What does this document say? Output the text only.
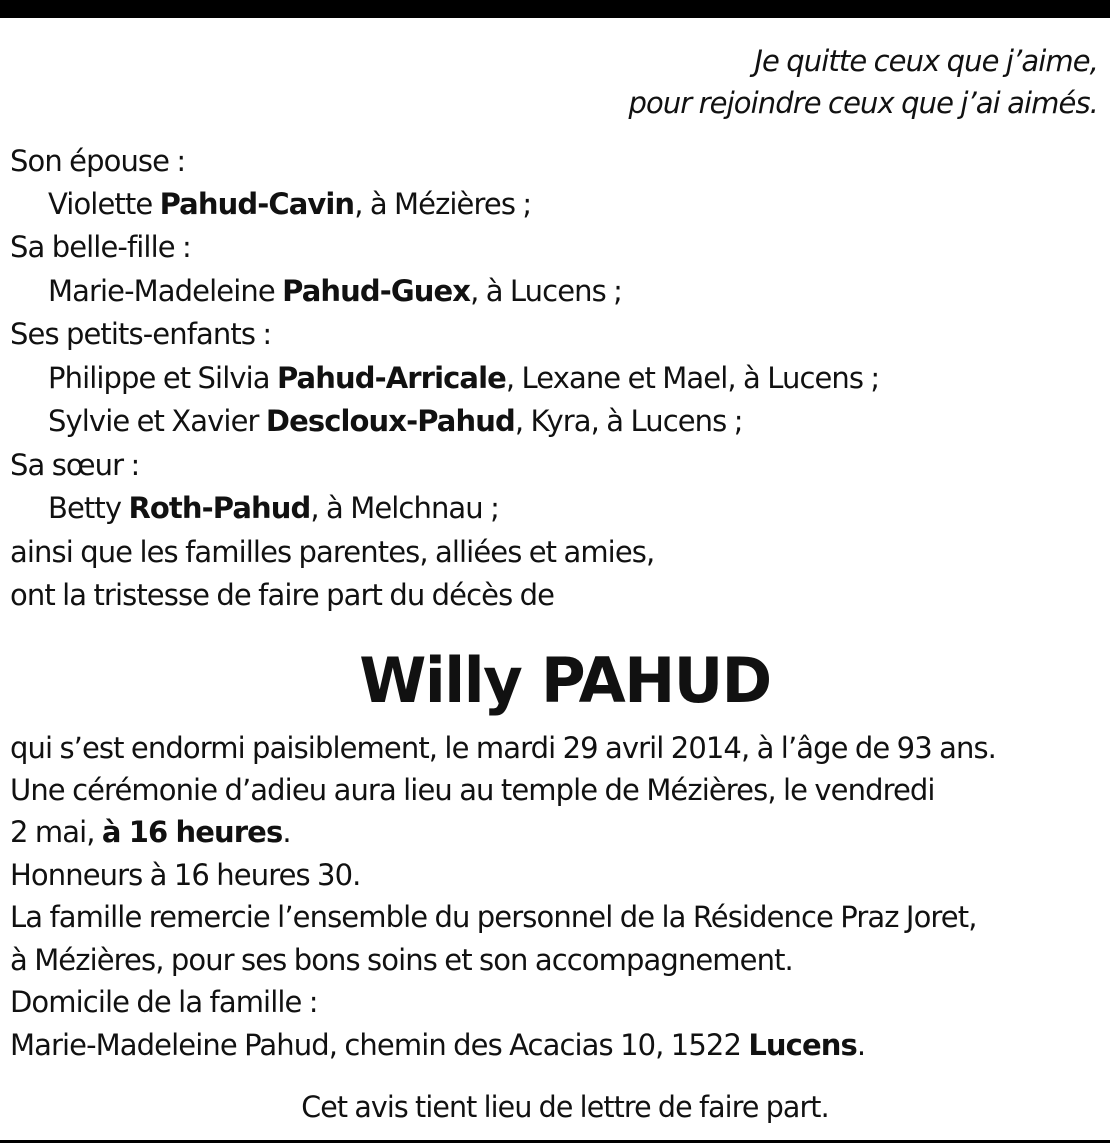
Je quitte ceux que j’aime,
pour rejoindre ceux que j’ai aimés.
Son épouse :
Violette Pahud-Cavin, à Mézières ;
Sa belle-fille :
Marie-Madeleine Pahud-Guex, à Lucens ;
Ses petits-enfants :
Philippe et Silvia Pahud-Arricale, Lexane et Mael, à Lucens ;
Sylvie et Xavier Descloux-Pahud, Kyra, à Lucens ;
Sa sœur :
Betty Roth-Pahud, à Melchnau ;
ainsi que les familles parentes, alliées et amies,
ont la tristesse de faire part du décès de
Willy PAHUD
qui s’est endormi paisiblement, le mardi 29 avril 2014, à l’âge de 93 ans.
Une cérémonie d’adieu aura lieu au temple de Mézières, le vendredi
2 mai, à 16 heures.
Honneurs à 16 heures 30.
La famille remercie l’ensemble du personnel de la Résidence Praz Joret,
à Mézières, pour ses bons soins et son accompagnement.
Domicile de la famille :
Marie-Madeleine Pahud, chemin des Acacias 10, 1522 Lucens.
Cet avis tient lieu de lettre de faire part.
